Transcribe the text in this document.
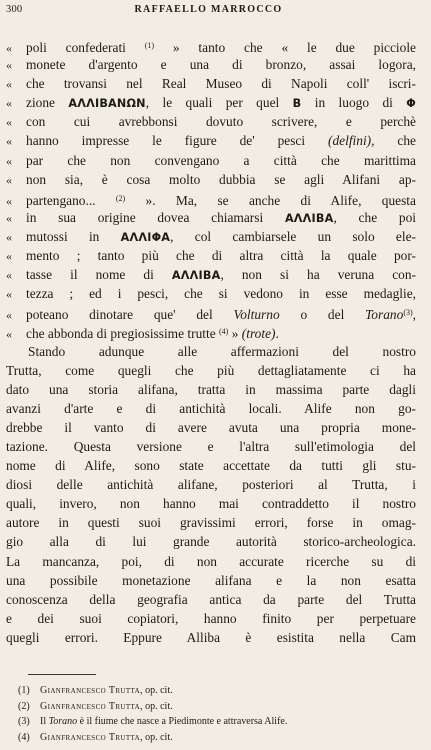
300	RAFFAELLO MARROCCO
« poli confederati $^{(1)}$ » tanto che « le due picciole
« monete d'argento e una di bronzo, assai logora,
« che trovansi nel Real Museo di Napoli coll' iscri-
« zione ΑΛΛΙΒΑΝΩΝ, le quali per quel Β in luogo di Φ
« con cui avrebbonsi dovuto scrivere, e perchè
« hanno impresse le figure de' pesci (delfini), che
« par che non convengano a città che marittima
« non sia, è cosa molto dubbia se agli Alifani ap-
« partengano...	$^{(2)}$ ». Ma, se anche di Alife, questa
« in sua origine dovea chiamarsi ΑΛΛΙΒΑ, che poi
« mutossi in ΑΛΛΙΦΑ, col cambiarsele un solo ele-
« mento ; tanto più che di altra città la quale por-
« tasse il nome di ΑΛΛΙΒΑ, non si ha veruna con-
« tezza ; ed i pesci, che si vedono in esse medaglie,
« poteano dinotare que' del Volturno o del Torano$^{(3)}$,
« che abbonda di pregiosissime trutte $^{(4)}$ » (trote).
Stando adunque alle affermazioni del nostro
Trutta, come quegli che più dettagliatamente ci ha
dato una storia alifana, tratta in massima parte dagli
avanzi d'arte e di antichità locali. Alife non go-
drebbe il vanto di avere avuta una propria mone-
tazione. Questa versione e l'altra sull'etimologia del
nome di Alife, sono state accettate da tutti gli stu-
diosi delle antichità alifane, posteriori al Trutta, i
quali, invero, non hanno mai contraddetto il nostro
autore in questi suoi gravissimi errori, forse in omag-
gio alla di lui grande autorità storico-archeologica.
La mancanza, poi, di non accurate ricerche su di
una possibile monetazione alifana e la non esatta
conoscenza della geografia antica da parte del Trutta
e dei suoi copiatori, hanno finito per perpetuare
quegli errori. Eppure Alliba è esistita nella Cam
(1) Gianfrancesco Trutta, op. cit.
(2) Gianfrancesco Trutta, op. cit.
(3) Il Torano è il fiume che nasce a Piedimonte e attraversa Alife.
(4) Gianfrancesco Trutta, op. cit.
